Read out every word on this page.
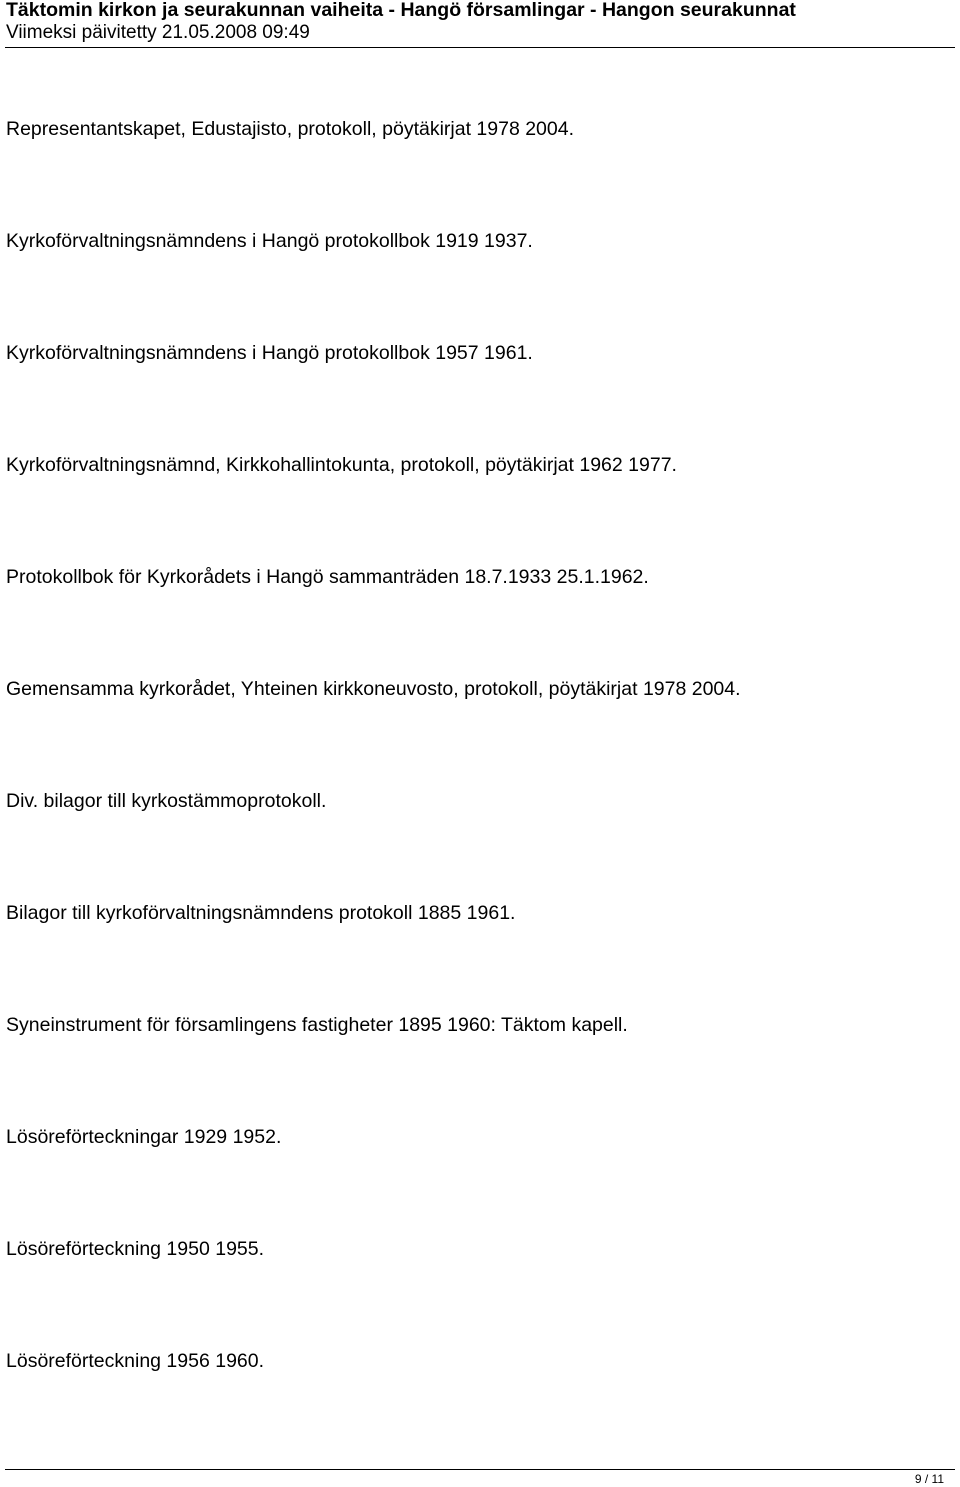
Täktomin kirkon ja seurakunnan vaiheita - Hangö församlingar - Hangon seurakunnat
Viimeksi päivitetty 21.05.2008 09:49
Representantskapet, Edustajisto, protokoll, pöytäkirjat 1978 2004.
Kyrkoförvaltningsnämndens i Hangö protokollbok 1919 1937.
Kyrkoförvaltningsnämndens i Hangö protokollbok 1957 1961.
Kyrkoförvaltningsnämnd, Kirkkohallintokunta, protokoll, pöytäkirjat 1962 1977.
Protokollbok för Kyrkorådets i Hangö sammanträden 18.7.1933 25.1.1962.
Gemensamma kyrkorådet, Yhteinen kirkkoneuvosto, protokoll, pöytäkirjat 1978 2004.
Div. bilagor till kyrkostämmoprotokoll.
Bilagor till kyrkoförvaltningsnämndens protokoll 1885 1961.
Syneinstrument för församlingens fastigheter 1895 1960: Täktom kapell.
Lösöreförteckningar 1929 1952.
Lösöreförteckning 1950 1955.
Lösöreförteckning 1956 1960.
9 / 11
